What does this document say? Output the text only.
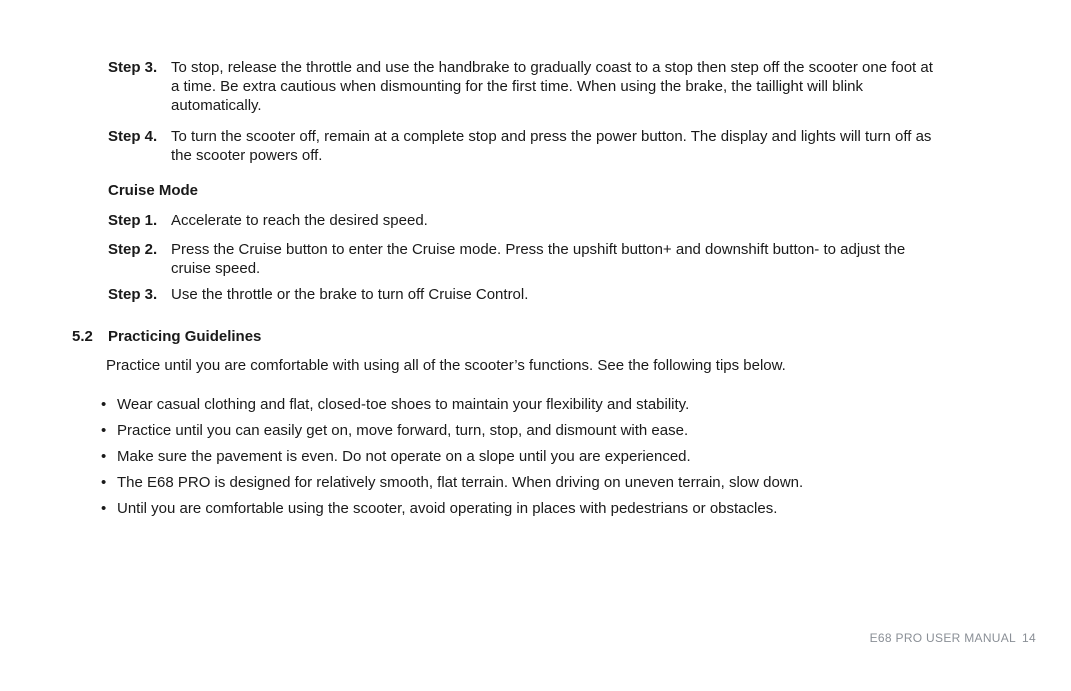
Step 3. To stop, release the throttle and use the handbrake to gradually coast to a stop then step off the scooter one foot at a time. Be extra cautious when dismounting for the first time. When using the brake, the taillight will blink automatically.
Step 4. To turn the scooter off, remain at a complete stop and press the power button. The display and lights will turn off as the scooter powers off.
Cruise Mode
Step 1. Accelerate to reach the desired speed.
Step 2. Press the Cruise button to enter the Cruise mode. Press the upshift button+ and downshift button- to adjust the cruise speed.
Step 3. Use the throttle or the brake to turn off Cruise Control.
5.2 Practicing Guidelines
Practice until you are comfortable with using all of the scooter’s functions. See the following tips below.
• Wear casual clothing and flat, closed-toe shoes to maintain your flexibility and stability.
• Practice until you can easily get on, move forward, turn, stop, and dismount with ease.
• Make sure the pavement is even. Do not operate on a slope until you are experienced.
• The E68 PRO is designed for relatively smooth, flat terrain. When driving on uneven terrain, slow down.
• Until you are comfortable using the scooter, avoid operating in places with pedestrians or obstacles.
E68 PRO USER MANUAL 14
